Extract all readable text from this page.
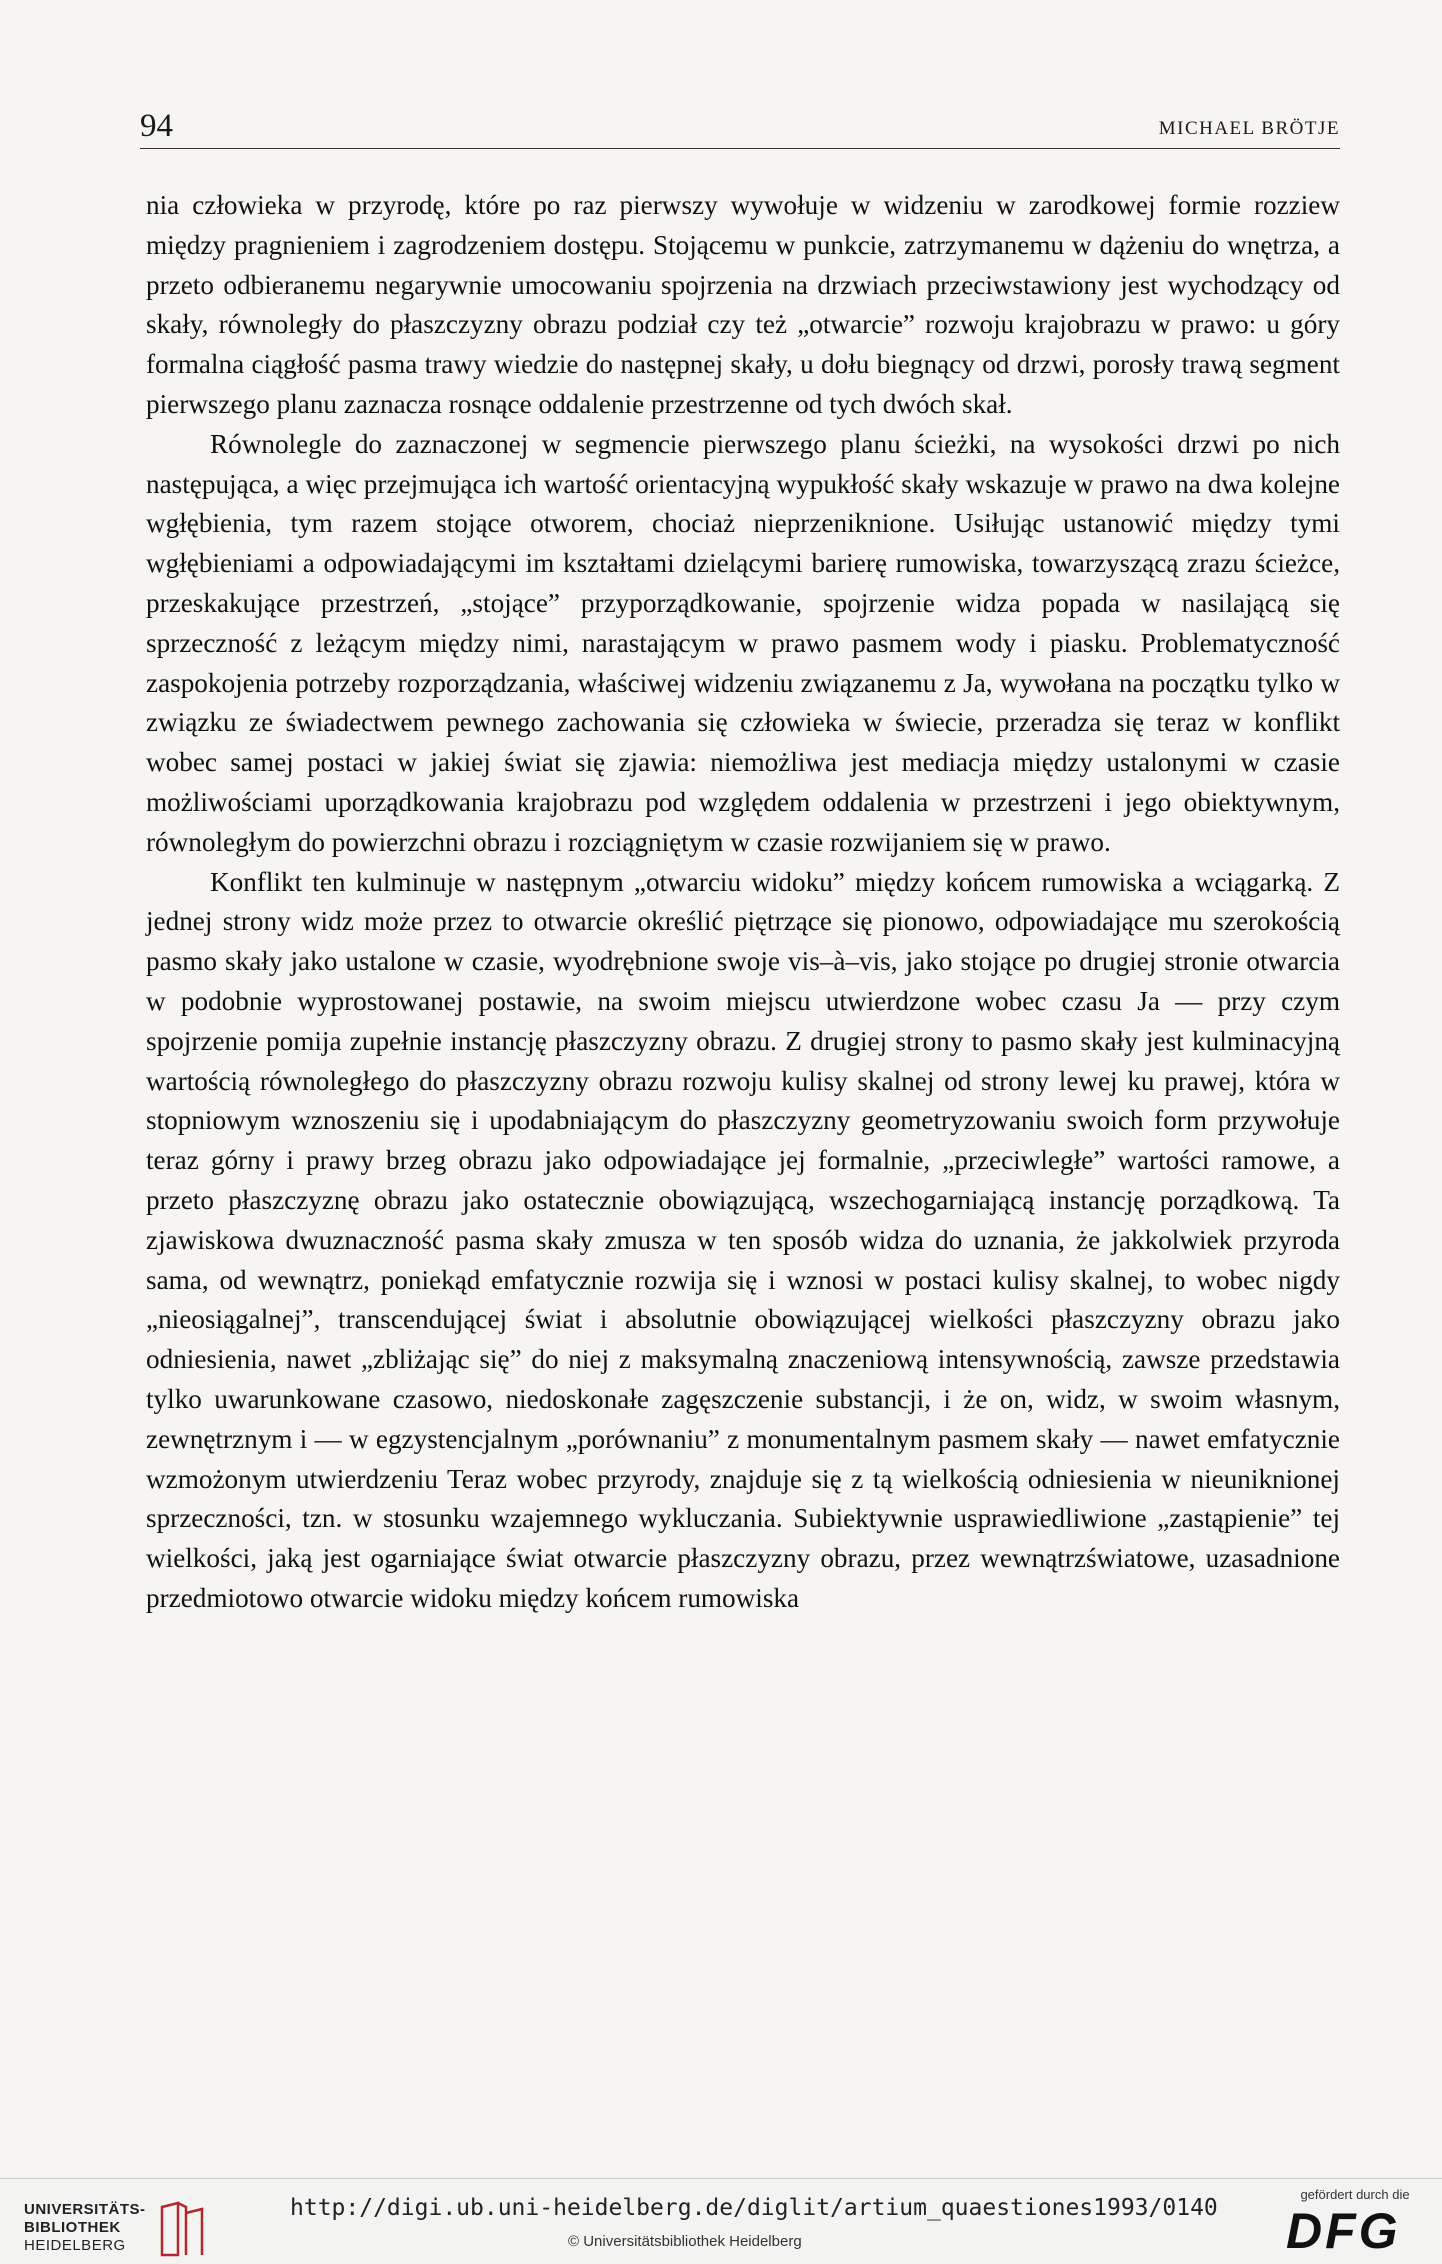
94	MICHAEL BRÖTJE

nia człowieka w przyrodę, które po raz pierwszy wywołuje w widzeniu w zarodkowej formie rozziew między pragnieniem i zagrodzeniem dostępu. Stojącemu w punkcie, zatrzymanemu w dążeniu do wnętrza, a przeto odbieranemu negarywnie umocowaniu spojrzenia na drzwiach przeciwstawiony jest wychodzący od skały, równoległy do płaszczyzny obrazu podział czy też „otwarcie” rozwoju krajobrazu w prawo: u góry formalna ciągłość pasma trawy wiedzie do następnej skały, u dołu biegnący od drzwi, porosły trawą segment pierwszego planu zaznacza rosnące oddalenie przestrzenne od tych dwóch skał.

Równolegle do zaznaczonej w segmencie pierwszego planu ścieżki, na wysokości drzwi po nich następująca, a więc przejmująca ich wartość orientacyjną wypukłość skały wskazuje w prawo na dwa kolejne wgłębienia, tym razem stojące otworem, chociaż nieprzeniknione. Usiłując ustanowić między tymi wgłębieniami a odpowiadającymi im kształtami dzielącymi barierę rumowiska, towarzyszącą zrazu ścieżce, przeskakujące przestrzeń, „stojące” przyporządkowanie, spojrzenie widza popada w nasilającą się sprzeczność z leżącym między nimi, narastającym w prawo pasmem wody i piasku. Problematyczność zaspokojenia potrzeby rozporządzania, właściwej widzeniu związanemu z Ja, wywołana na początku tylko w związku ze świadectwem pewnego zachowania się człowieka w świecie, przeradza się teraz w konflikt wobec samej postaci w jakiej świat się zjawia: niemożliwa jest mediacja między ustalonymi w czasie możliwościami uporządkowania krajobrazu pod względem oddalenia w przestrzeni i jego obiektywnym, równoległym do powierzchni obrazu i rozciągniętym w czasie rozwijaniem się w prawo.

Konflikt ten kulminuje w następnym „otwarciu widoku” między końcem rumowiska a wciągarką. Z jednej strony widz może przez to otwarcie określić piętrzące się pionowo, odpowiadające mu szerokością pasmo skały jako ustalone w czasie, wyodrębnione swoje vis–à–vis, jako stojące po drugiej stronie otwarcia w podobnie wyprostowanej postawie, na swoim miejscu utwierdzone wobec czasu Ja — przy czym spojrzenie pomija zupełnie instancję płaszczyzny obrazu. Z drugiej strony to pasmo skały jest kulminacyjną wartością równoległego do płaszczyzny obrazu rozwoju kulisy skalnej od strony lewej ku prawej, która w stopniowym wznoszeniu się i upodabniającym do płaszczyzny geometryzowaniu swoich form przywołuje teraz górny i prawy brzeg obrazu jako odpowiadające jej formalnie, „przeciwległe” wartości ramowe, a przeto płaszczyznę obrazu jako ostatecznie obowiązującą, wszechogarniającą instancję porządkową. Ta zjawiskowa dwuznaczność pasma skały zmusza w ten sposób widza do uznania, że jakkolwiek przyroda sama, od wewnątrz, poniekąd emfatycznie rozwija się i wznosi w postaci kulisy skalnej, to wobec nigdy „nieosiągalnej”, transcendującej świat i absolutnie obowiązującej wielkości płaszczyzny obrazu jako odniesienia, nawet „zbliżając się” do niej z maksymalną znaczeniową intensywnością, zawsze przedstawia tylko uwarunkowane czasowo, niedoskonałe zagęszczenie substancji, i że on, widz, w swoim własnym, zewnętrznym i — w egzystencjalnym „porównaniu” z monumentalnym pasmem skały — nawet emfatycznie wzmożonym utwierdzeniu Teraz wobec przyrody, znajduje się z tą wielkością odniesienia w nieuniknionej sprzeczności, tzn. w stosunku wzajemnego wykluczania. Subiektywnie usprawiedliwione „zastąpienie” tej wielkości, jaką jest ogarniające świat otwarcie płaszczyzny obrazu, przez wewnątrzświatowe, uzasadnione przedmiotowo otwarcie widoku między końcem rumowiska

UNIVERSITÄTS-
BIBLIOTHEK
HEIDELBERG
http://digi.ub.uni-heidelberg.de/diglit/artium_quaestiones1993/0140
© Universitätsbibliothek Heidelberg
gefördert durch die
DFG
